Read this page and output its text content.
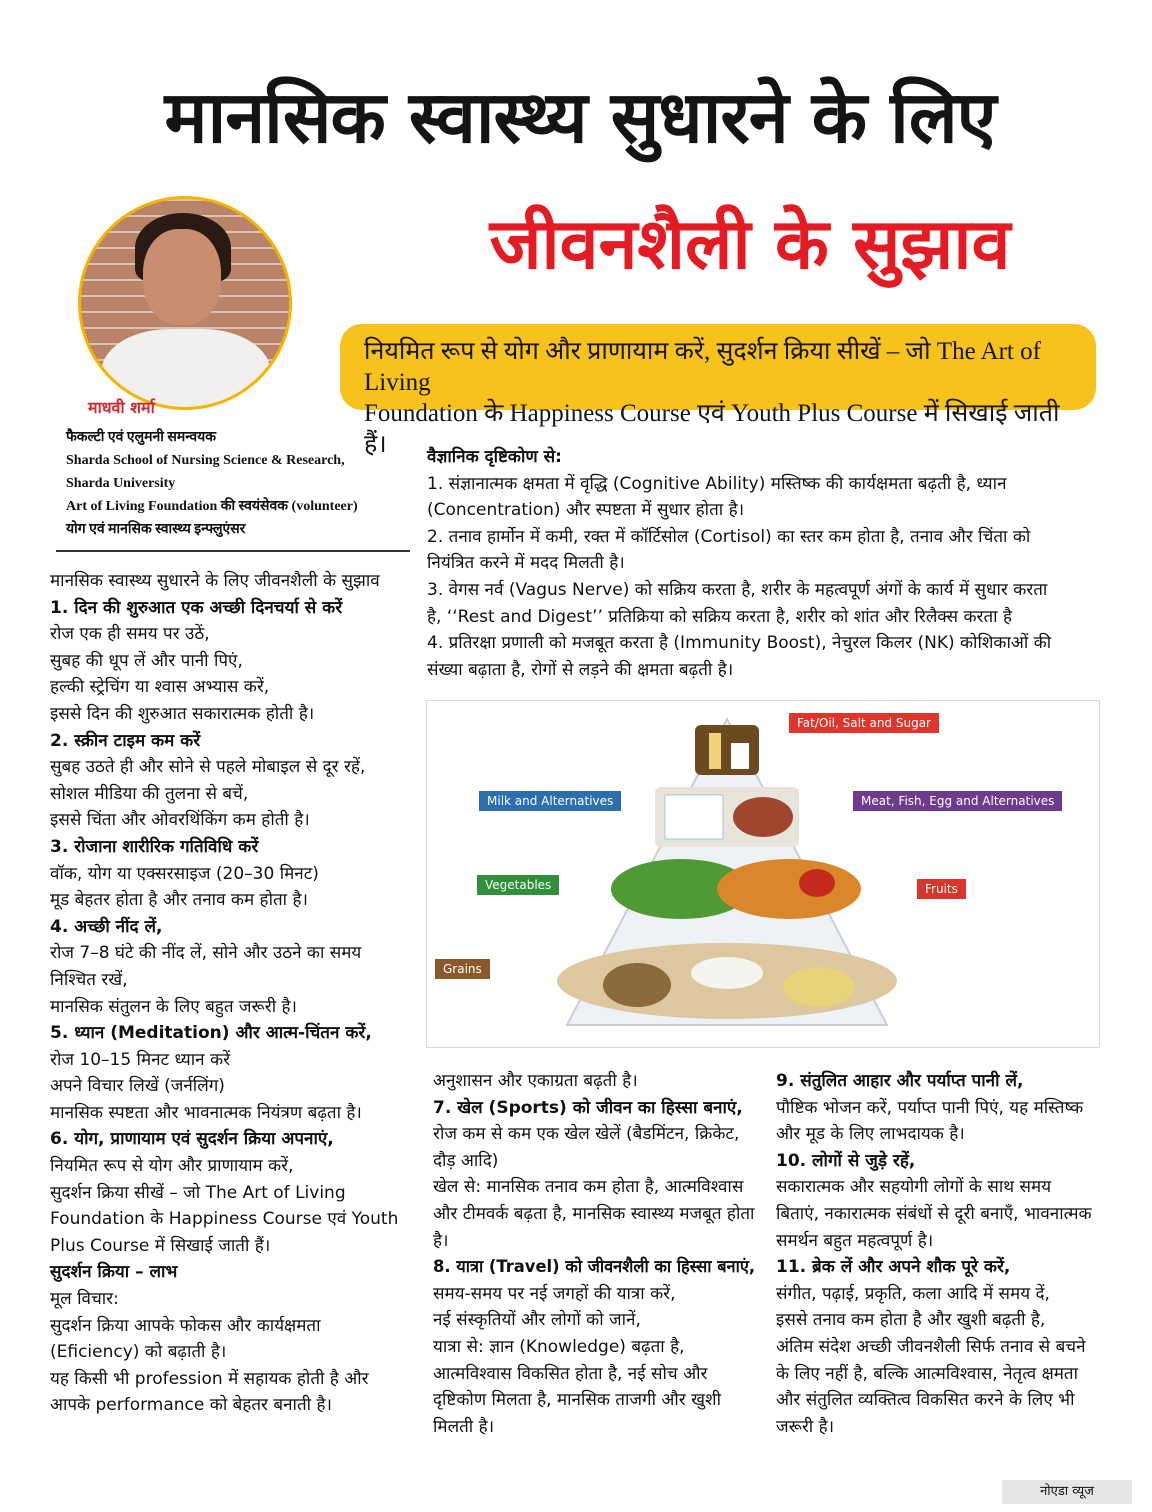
मानसिक स्वास्थ्य सुधारने के लिए
जीवनशैली के सुझाव
नियमित रूप से योग और प्राणायाम करें, सुदर्शन क्रिया सीखें – जो The Art of Living
Foundation के Happiness Course एवं Youth Plus Course में सिखाई जाती हैं।
माधवी शर्मा
फैकल्टी एवं एलुमनी समन्वयक
Sharda School of Nursing Science & Research,
Sharda University
Art of Living Foundation की स्वयंसेवक (volunteer)
योग एवं मानसिक स्वास्थ्य इन्फ्लुएंसर
मानसिक स्वास्थ्य सुधारने के लिए जीवनशैली के सुझाव
1. दिन की शुरुआत एक अच्छी दिनचर्या से करें
रोज एक ही समय पर उठें,
सुबह की धूप लें और पानी पिएं,
हल्की स्ट्रेचिंग या श्वास अभ्यास करें,
इससे दिन की शुरुआत सकारात्मक होती है।
2. स्क्रीन टाइम कम करें
सुबह उठते ही और सोने से पहले मोबाइल से दूर रहें,
सोशल मीडिया की तुलना से बचें,
इससे चिंता और ओवरथिंकिंग कम होती है।
3. रोजाना शारीरिक गतिविधि करें
वॉक, योग या एक्सरसाइज (20–30 मिनट)
मूड बेहतर होता है और तनाव कम होता है।
4. अच्छी नींद लें,
रोज 7–8 घंटे की नींद लें, सोने और उठने का समय
निश्चित रखें,
मानसिक संतुलन के लिए बहुत जरूरी है।
5. ध्यान (Meditation) और आत्म-चिंतन करें,
रोज 10–15 मिनट ध्यान करें
अपने विचार लिखें (जर्नलिंग)
मानसिक स्पष्टता और भावनात्मक नियंत्रण बढ़ता है।
6. योग, प्राणायाम एवं सुदर्शन क्रिया अपनाएं,
नियमित रूप से योग और प्राणायाम करें,
सुदर्शन क्रिया सीखें – जो The Art of Living
Foundation के Happiness Course एवं Youth
Plus Course में सिखाई जाती हैं।
सुदर्शन क्रिया – लाभ
मूल विचार:
सुदर्शन क्रिया आपके फोकस और कार्यक्षमता
(Eficiency) को बढ़ाती है।
यह किसी भी profession में सहायक होती है और
आपके performance को बेहतर बनाती है।
वैज्ञानिक दृष्टिकोण से:
1. संज्ञानात्मक क्षमता में वृद्धि (Cognitive Ability) मस्तिष्क की कार्यक्षमता बढ़ती है, ध्यान
(Concentration) और स्पष्टता में सुधार होता है।
2. तनाव हार्मोन में कमी, रक्त में कॉर्टिसोल (Cortisol) का स्तर कम होता है, तनाव और चिंता को
नियंत्रित करने में मदद मिलती है।
3. वेगस नर्व (Vagus Nerve) को सक्रिय करता है, शरीर के महत्वपूर्ण अंगों के कार्य में सुधार करता
है, ‘‘Rest and Digest’’ प्रतिक्रिया को सक्रिय करता है, शरीर को शांत और रिलैक्स करता है
4. प्रतिरक्षा प्रणाली को मजबूत करता है (Immunity Boost), नेचुरल किलर (NK) कोशिकाओं की
संख्या बढ़ाता है, रोगों से लड़ने की क्षमता बढ़ती है।
Fat/Oil, Salt and Sugar
Milk and Alternatives	Meat, Fish, Egg and Alternatives
Vegetables	Fruits
Grains
अनुशासन और एकाग्रता बढ़ती है।
7. खेल (Sports) को जीवन का हिस्सा बनाएं,
रोज कम से कम एक खेल खेलें (बैडमिंटन, क्रिकेट,
दौड़ आदि)
खेल से: मानसिक तनाव कम होता है, आत्मविश्वास
और टीमवर्क बढ़ता है, मानसिक स्वास्थ्य मजबूत होता
है।
8. यात्रा (Travel) को जीवनशैली का हिस्सा बनाएं,
समय-समय पर नई जगहों की यात्रा करें,
नई संस्कृतियों और लोगों को जानें,
यात्रा से: ज्ञान (Knowledge) बढ़ता है,
आत्मविश्वास विकसित होता है, नई सोच और
दृष्टिकोण मिलता है, मानसिक ताजगी और खुशी
मिलती है।
9. संतुलित आहार और पर्याप्त पानी लें,
पौष्टिक भोजन करें, पर्याप्त पानी पिएं, यह मस्तिष्क
और मूड के लिए लाभदायक है।
10. लोगों से जुड़े रहें,
सकारात्मक और सहयोगी लोगों के साथ समय
बिताएं, नकारात्मक संबंधों से दूरी बनाएँ, भावनात्मक
समर्थन बहुत महत्वपूर्ण है।
11. ब्रेक लें और अपने शौक पूरे करें,
संगीत, पढ़ाई, प्रकृति, कला आदि में समय दें,
इससे तनाव कम होता है और खुशी बढ़ती है,
अंतिम संदेश अच्छी जीवनशैली सिर्फ तनाव से बचने
के लिए नहीं है, बल्कि आत्मविश्वास, नेतृत्व क्षमता
और संतुलित व्यक्तित्व विकसित करने के लिए भी
जरूरी है।
नोएडा व्यूज
